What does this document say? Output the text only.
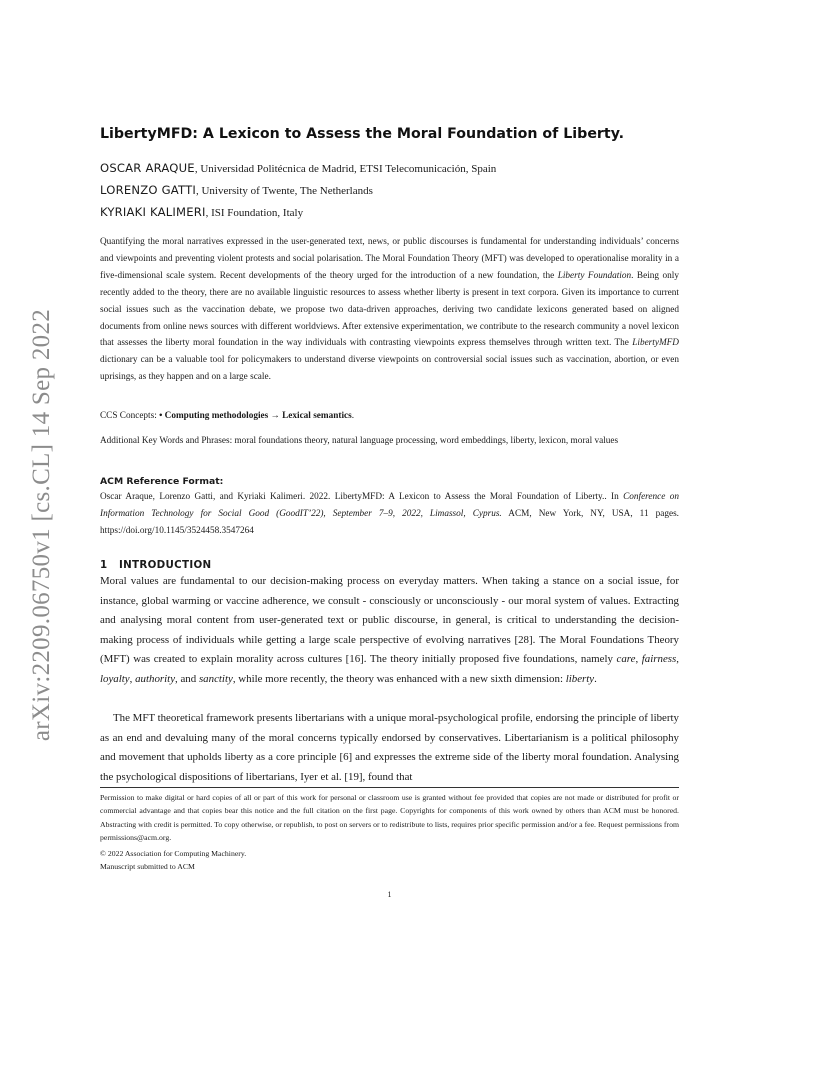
arXiv:2209.06750v1 [cs.CL] 14 Sep 2022
LibertyMFD: A Lexicon to Assess the Moral Foundation of Liberty.
OSCAR ARAQUE, Universidad Politécnica de Madrid, ETSI Telecomunicación, Spain
LORENZO GATTI, University of Twente, The Netherlands
KYRIAKI KALIMERI, ISI Foundation, Italy

Quantifying the moral narratives expressed in the user-generated text, news, or public discourses is fundamental for understanding individuals’ concerns and viewpoints and preventing violent protests and social polarisation. The Moral Foundation Theory (MFT) was developed to operationalise morality in a five-dimensional scale system. Recent developments of the theory urged for the introduction of a new foundation, the Liberty Foundation. Being only recently added to the theory, there are no available linguistic resources to assess whether liberty is present in text corpora. Given its importance to current social issues such as the vaccination debate, we propose two data-driven approaches, deriving two candidate lexicons generated based on aligned documents from online news sources with different worldviews. After extensive experimentation, we contribute to the research community a novel lexicon that assesses the liberty moral foundation in the way individuals with contrasting viewpoints express themselves through written text. The LibertyMFD dictionary can be a valuable tool for policymakers to understand diverse viewpoints on controversial social issues such as vaccination, abortion, or even uprisings, as they happen and on a large scale.

CCS Concepts: • Computing methodologies → Lexical semantics.

Additional Key Words and Phrases: moral foundations theory, natural language processing, word embeddings, liberty, lexicon, moral values

ACM Reference Format:

Oscar Araque, Lorenzo Gatti, and Kyriaki Kalimeri. 2022. LibertyMFD: A Lexicon to Assess the Moral Foundation of Liberty.. In Conference on Information Technology for Social Good (GoodIT’22), September 7–9, 2022, Limassol, Cyprus. ACM, New York, NY, USA, 11 pages. https://doi.org/10.1145/3524458.3547264

1 INTRODUCTION

Moral values are fundamental to our decision-making process on everyday matters. When taking a stance on a social issue, for instance, global warming or vaccine adherence, we consult - consciously or unconsciously - our moral system of values. Extracting and analysing moral content from user-generated text or public discourse, in general, is critical to understanding the decision-making process of individuals while getting a large scale perspective of evolving narratives [28]. The Moral Foundations Theory (MFT) was created to explain morality across cultures [16]. The theory initially proposed five foundations, namely care, fairness, loyalty, authority, and sanctity, while more recently, the theory was enhanced with a new sixth dimension: liberty.

The MFT theoretical framework presents libertarians with a unique moral-psychological profile, endorsing the principle of liberty as an end and devaluing many of the moral concerns typically endorsed by conservatives. Libertarianism is a political philosophy and movement that upholds liberty as a core principle [6] and expresses the extreme side of the liberty moral foundation. Analysing the psychological dispositions of libertarians, Iyer et al. [19], found that

Permission to make digital or hard copies of all or part of this work for personal or classroom use is granted without fee provided that copies are not made or distributed for profit or commercial advantage and that copies bear this notice and the full citation on the first page. Copyrights for components of this work owned by others than ACM must be honored. Abstracting with credit is permitted. To copy otherwise, or republish, to post on servers or to redistribute to lists, requires prior specific permission and/or a fee. Request permissions from permissions@acm.org.

© 2022 Association for Computing Machinery.

Manuscript submitted to ACM

1
